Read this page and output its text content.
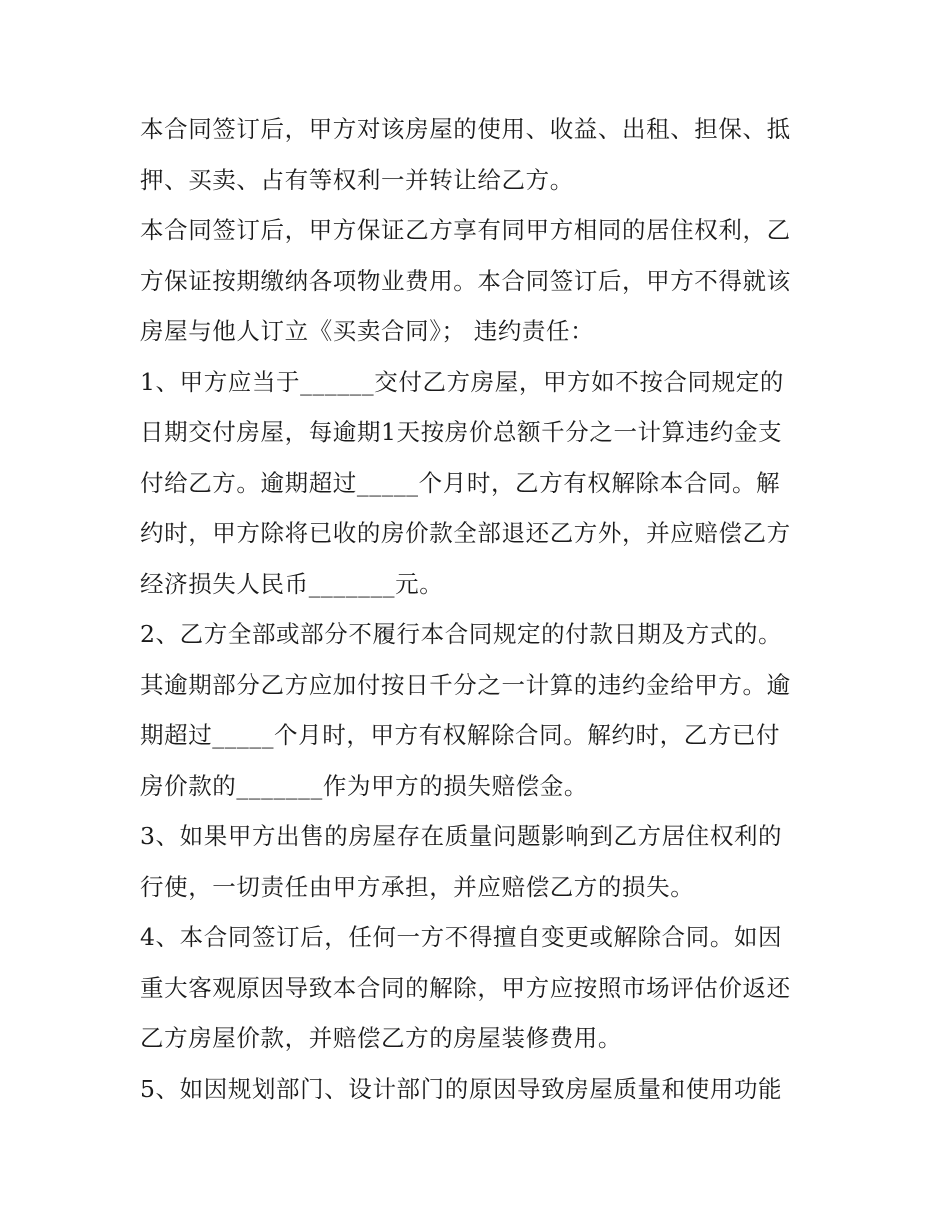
本合同签订后，甲方对该房屋的使用、收益、出租、担保、抵
押、买卖、占有等权利一并转让给乙方。
本合同签订后，甲方保证乙方享有同甲方相同的居住权利，乙
方保证按期缴纳各项物业费用。本合同签订后，甲方不得就该
房屋与他人订立《买卖合同》； 违约责任：
1、甲方应当于______交付乙方房屋，甲方如不按合同规定的
日期交付房屋，每逾期1天按房价总额千分之一计算违约金支
付给乙方。逾期超过_____个月时，乙方有权解除本合同。解
约时，甲方除将已收的房价款全部退还乙方外，并应赔偿乙方
经济损失人民币_______元。
2、乙方全部或部分不履行本合同规定的付款日期及方式的。
其逾期部分乙方应加付按日千分之一计算的违约金给甲方。逾
期超过_____个月时，甲方有权解除合同。解约时，乙方已付
房价款的_______作为甲方的损失赔偿金。
3、如果甲方出售的房屋存在质量问题影响到乙方居住权利的
行使，一切责任由甲方承担，并应赔偿乙方的损失。
4、本合同签订后，任何一方不得擅自变更或解除合同。如因
重大客观原因导致本合同的解除，甲方应按照市场评估价返还
乙方房屋价款，并赔偿乙方的房屋装修费用。
5、如因规划部门、设计部门的原因导致房屋质量和使用功能
